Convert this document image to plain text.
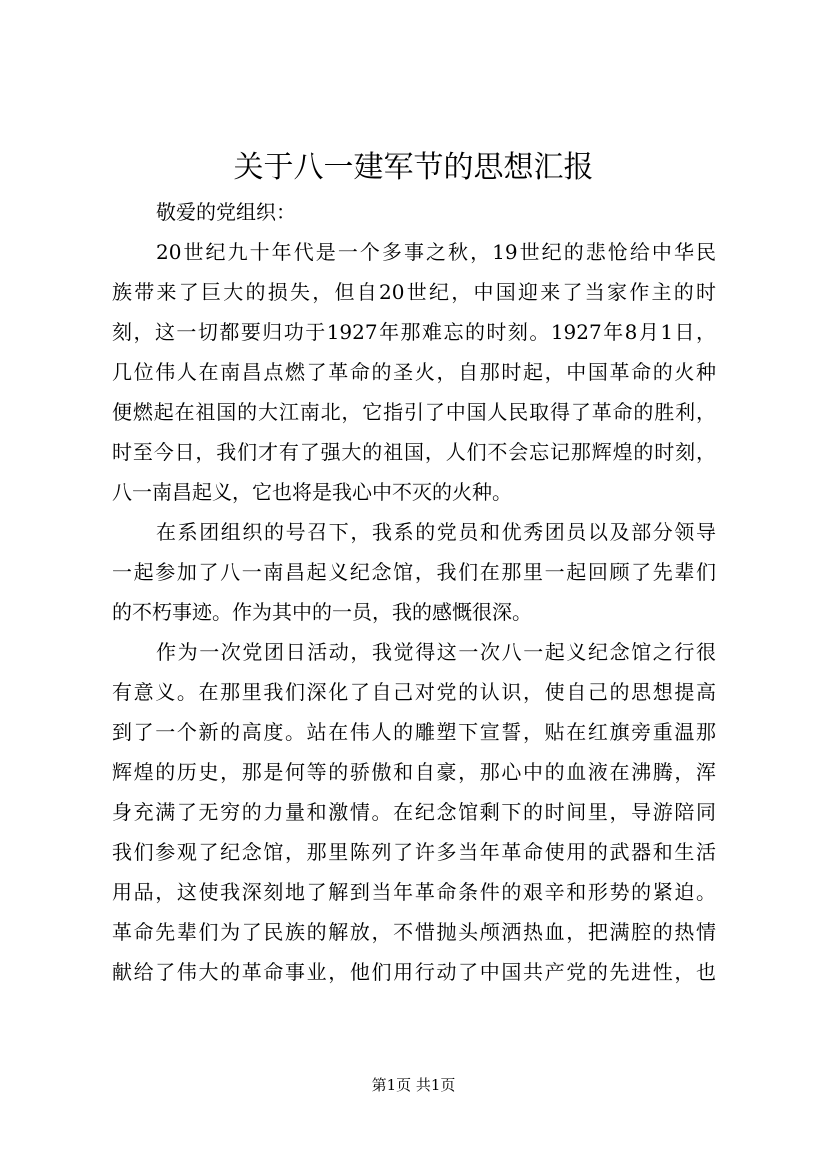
关于八一建军节的思想汇报
敬爱的党组织：
20世纪九十年代是一个多事之秋，19世纪的悲怆给中华民
族带来了巨大的损失，但自20世纪，中国迎来了当家作主的时
刻，这一切都要归功于1927年那难忘的时刻。1927年8月1日，
几位伟人在南昌点燃了革命的圣火，自那时起，中国革命的火种
便燃起在祖国的大江南北，它指引了中国人民取得了革命的胜利，
时至今日，我们才有了强大的祖国，人们不会忘记那辉煌的时刻，
八一南昌起义，它也将是我心中不灭的火种。
在系团组织的号召下，我系的党员和优秀团员以及部分领导
一起参加了八一南昌起义纪念馆，我们在那里一起回顾了先辈们
的不朽事迹。作为其中的一员，我的感慨很深。
作为一次党团日活动，我觉得这一次八一起义纪念馆之行很
有意义。在那里我们深化了自己对党的认识，使自己的思想提高
到了一个新的高度。站在伟人的雕塑下宣誓，贴在红旗旁重温那
辉煌的历史，那是何等的骄傲和自豪，那心中的血液在沸腾，浑
身充满了无穷的力量和激情。在纪念馆剩下的时间里，导游陪同
我们参观了纪念馆，那里陈列了许多当年革命使用的武器和生活
用品，这使我深刻地了解到当年革命条件的艰辛和形势的紧迫。
革命先辈们为了民族的解放，不惜抛头颅洒热血，把满腔的热情
献给了伟大的革命事业，他们用行动了中国共产党的先进性，也
第1页 共1页
